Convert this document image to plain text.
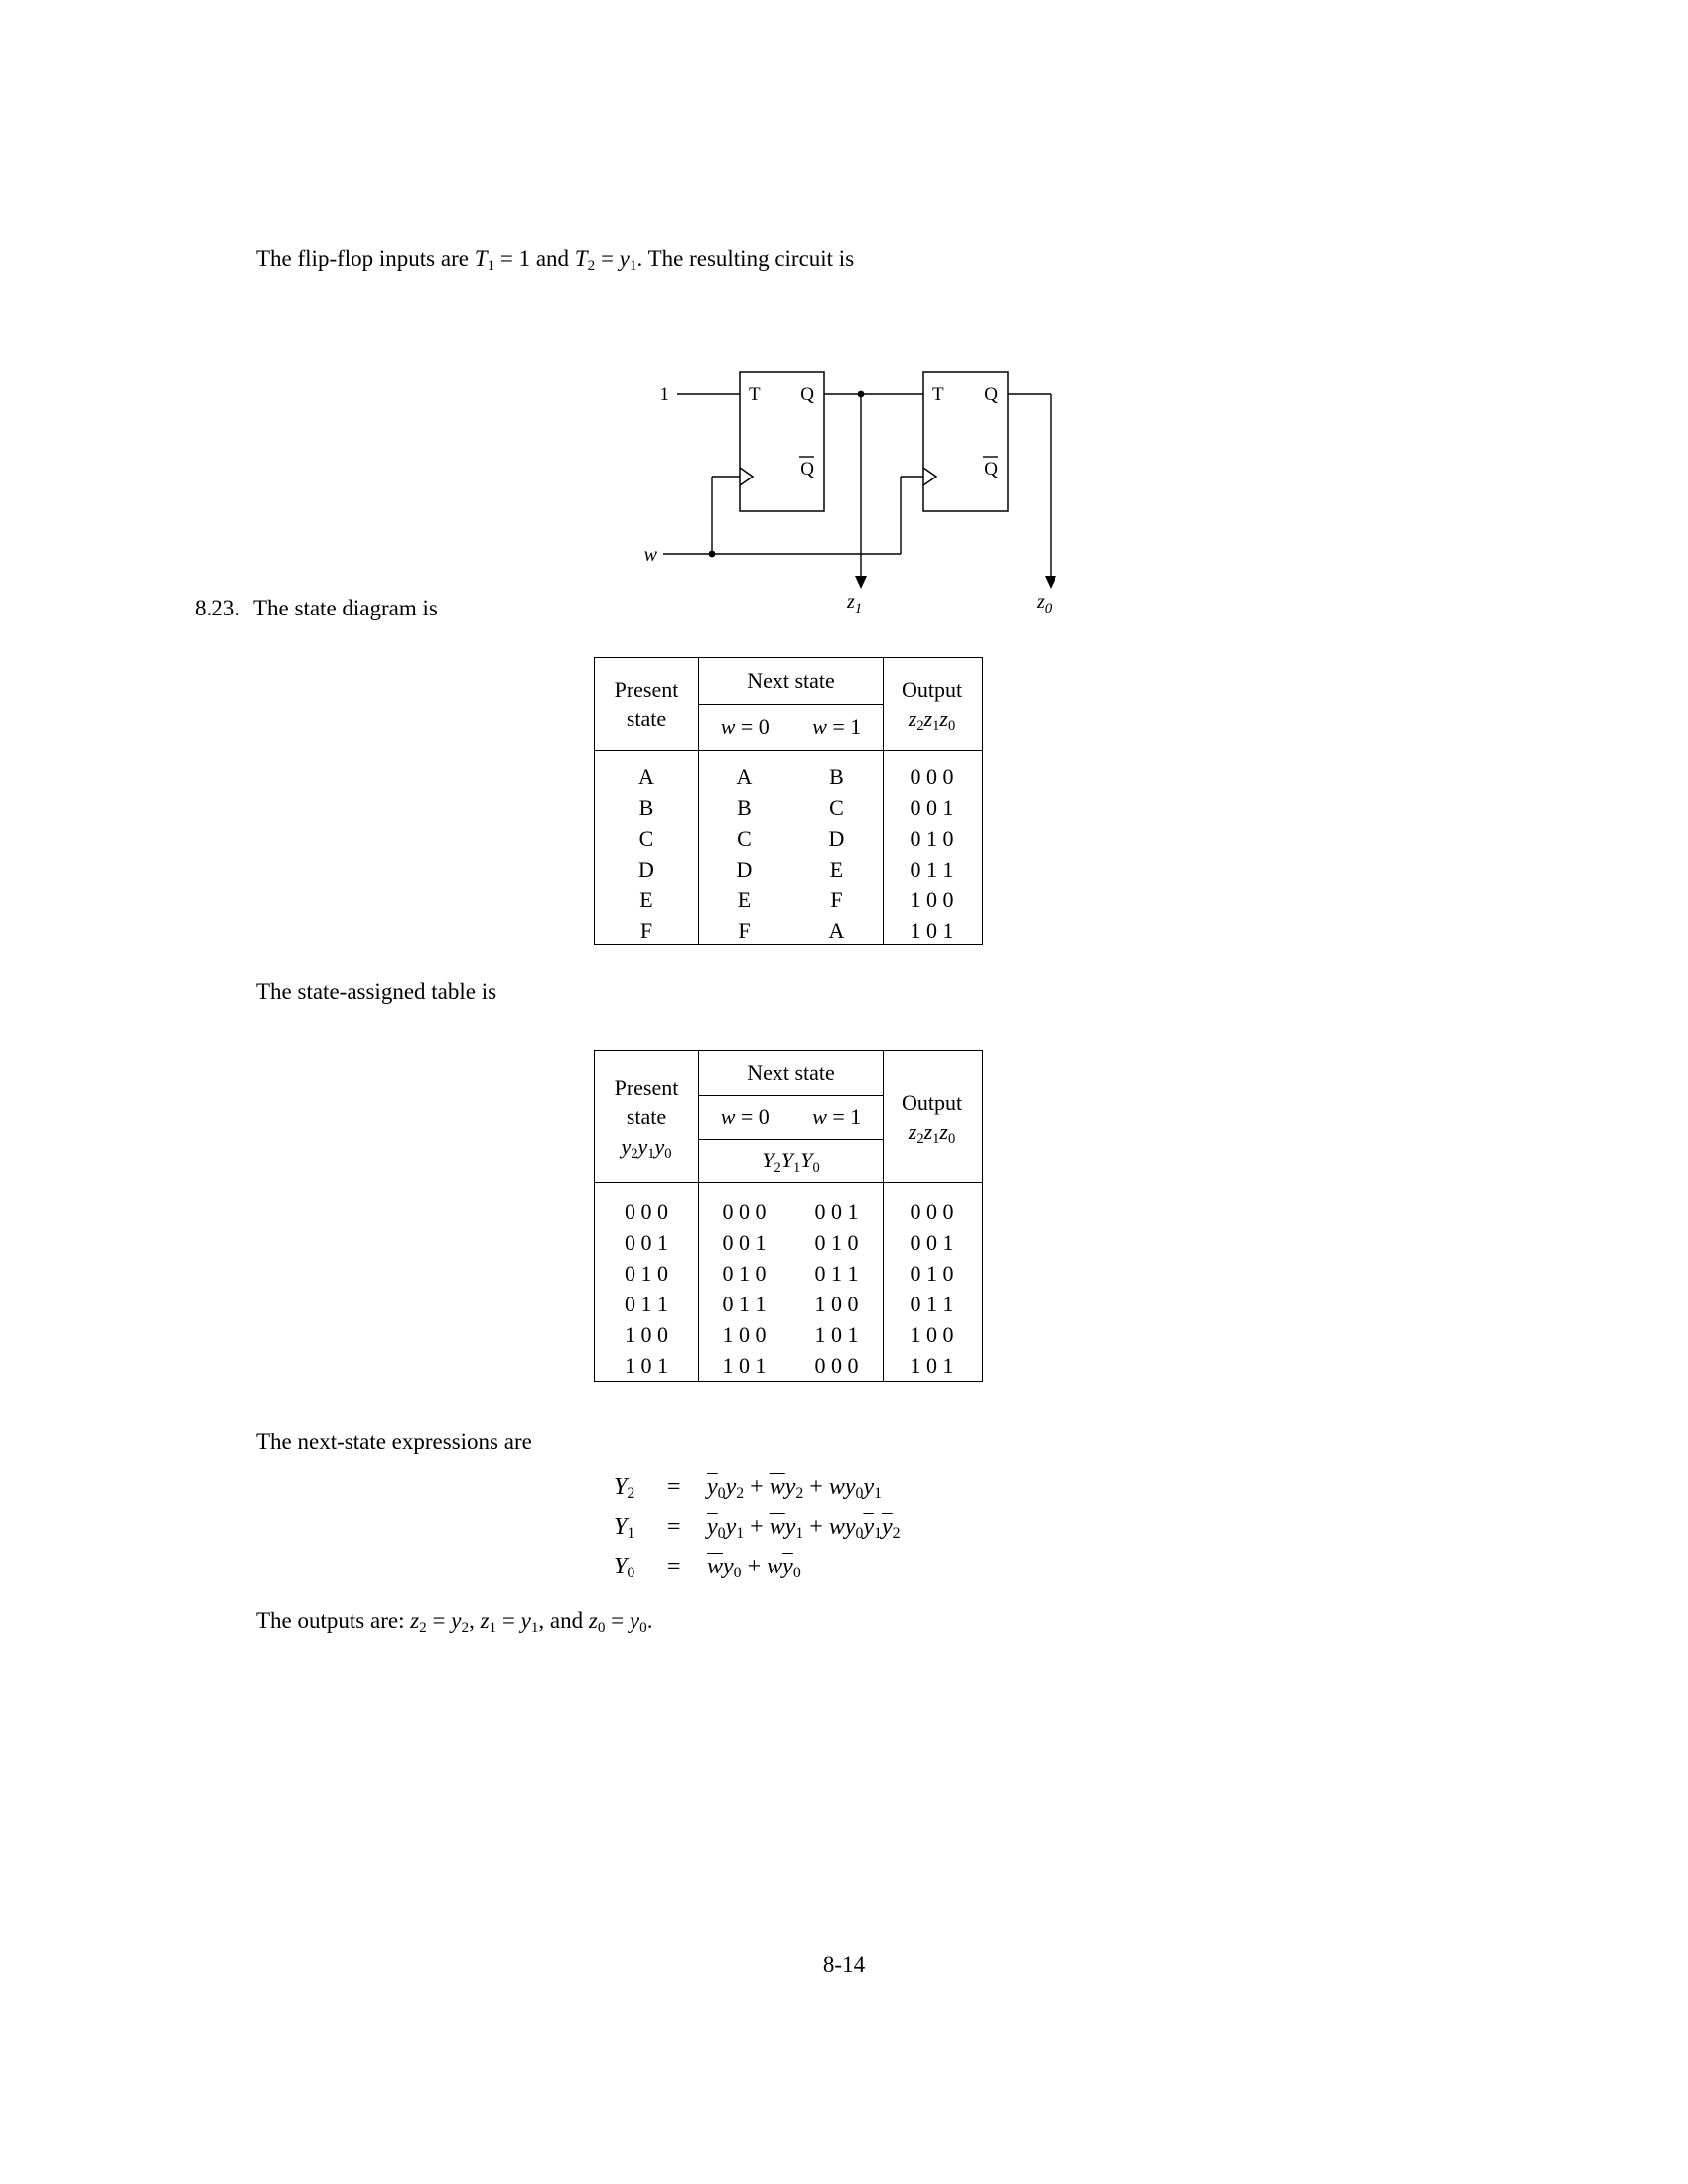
The flip-flop inputs are $T_1 = 1$ and $T_2 = y_1$. The resulting circuit is
T Q
Q
T Q
Q
1
$z_1$	$z_0$
w
8.23. The state diagram is
Present
state
Next state
w = 0	w = 1
Output
$z_2z_1z_0$
A	A	B	0 0 0
B	B	C	0 0 1
C	C	D	0 1 0
D	D	E	0 1 1
E	E	F	1 0 0
F	F	A	1 0 1
The state-assigned table is
Present
state
$y_2y_1y_0$
Next state
w = 0	w = 1
$Y_2Y_1Y_0$
Output
$z_2z_1z_0$
0 0 0	0 0 0	0 0 1	0 0 0
0 0 1	0 0 1	0 1 0	0 0 1
0 1 0	0 1 0	0 1 1	0 1 0
0 1 1	0 1 1	1 0 0	0 1 1
1 0 0	1 0 0	1 0 1	1 0 0
1 0 1	1 0 1	0 0 0	1 0 1
The next-state expressions are
$Y_2 = \overline{y}_0y_2 + \overline{w}y_2 + wy_0y_1$
$Y_1 = \overline{y}_0y_1 + \overline{w}y_1 + wy_0\overline{y}_1\overline{y}_2$
$Y_0 = \overline{w}y_0 + w\overline{y}_0$
The outputs are: $z_2 = y_2$, $z_1 = y_1$, and $z_0 = y_0$.
8-14
